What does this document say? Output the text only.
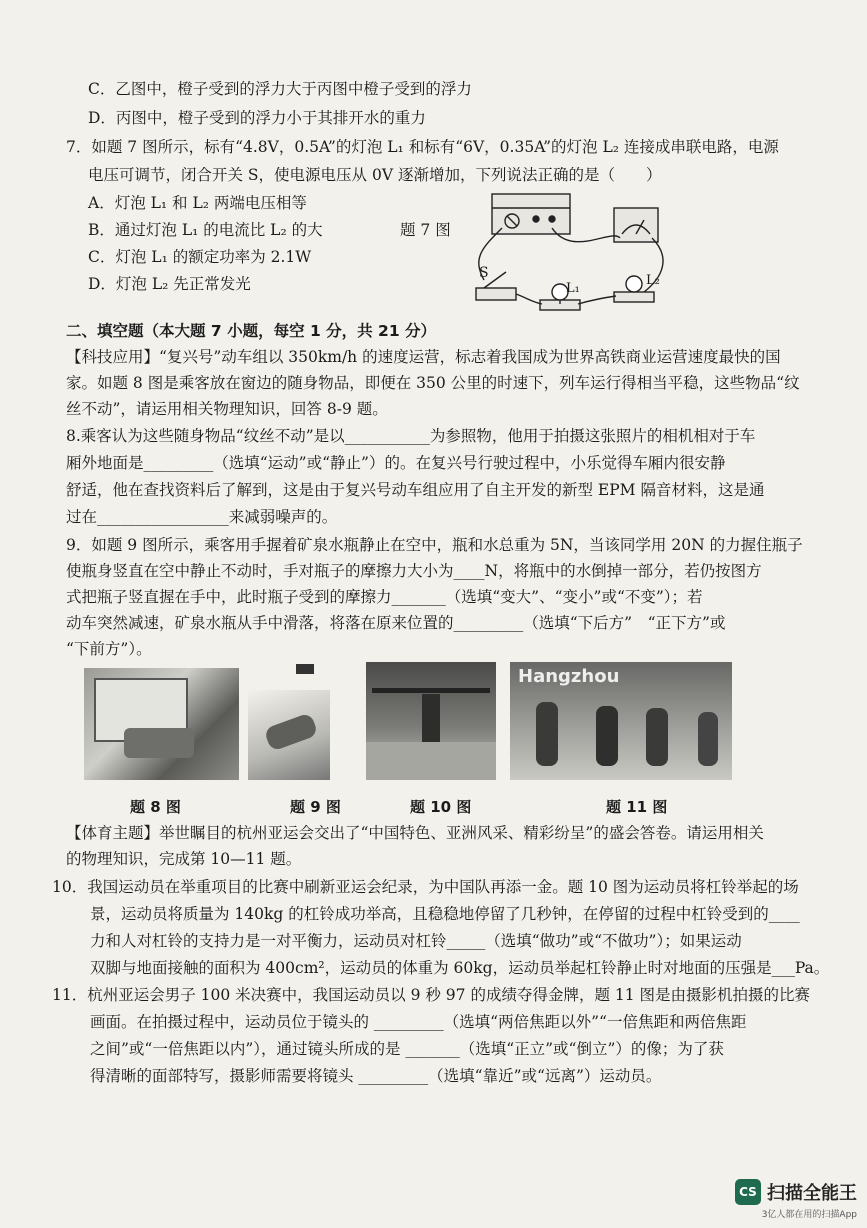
C．乙图中，橙子受到的浮力大于丙图中橙子受到的浮力
D．丙图中，橙子受到的浮力小于其排开水的重力
7．如题 7 图所示，标有“4.8V，0.5A”的灯泡 L₁ 和标有“6V，0.35A”的灯泡 L₂ 连接成串联电路，电源
电压可调节，闭合开关 S，使电源电压从 0V 逐渐增加，下列说法正确的是（　　）
A．灯泡 L₁ 和 L₂ 两端电压相等
B．通过灯泡 L₁ 的电流比 L₂ 的大
C．灯泡 L₁ 的额定功率为 2.1W
D．灯泡 L₂ 先正常发光
题 7 图
S
L₁
L₂
二、填空题（本大题 7 小题，每空 1 分，共 21 分）
【科技应用】“复兴号”动车组以 350km/h 的速度运营，标志着我国成为世界高铁商业运营速度最快的国
家。如题 8 图是乘客放在窗边的随身物品，即便在 350 公里的时速下，列车运行得相当平稳，这些物品“纹
丝不动”，请运用相关物理知识，回答 8-9 题。
8.乘客认为这些随身物品“纹丝不动”是以___________为参照物，他用于拍摄这张照片的相机相对于车
厢外地面是_________（选填“运动”或“静止”）的。在复兴号行驶过程中，小乐觉得车厢内很安静
舒适，他在查找资料后了解到，这是由于复兴号动车组应用了自主开发的新型 EPM 隔音材料，这是通
过在_________________来减弱噪声的。
9．如题 9 图所示，乘客用手握着矿泉水瓶静止在空中，瓶和水总重为 5N，当该同学用 20N 的力握住瓶子
使瓶身竖直在空中静止不动时，手对瓶子的摩擦力大小为____N，将瓶中的水倒掉一部分，若仍按图方
式把瓶子竖直握在手中，此时瓶子受到的摩擦力_______（选填“变大”、“变小”或“不变”）；若
动车突然减速，矿泉水瓶从手中滑落，将落在原来位置的_________（选填“下后方”　“正下方”或
“下前方”）。
Hangzhou
题 8 图	题 9 图	题 10 图	题 11 图
【体育主题】举世瞩目的杭州亚运会交出了“中国特色、亚洲风采、精彩纷呈”的盛会答卷。请运用相关
的物理知识，完成第 10—11 题。
10．我国运动员在举重项目的比赛中刷新亚运会纪录，为中国队再添一金。题 10 图为运动员将杠铃举起的场
景，运动员将质量为 140kg 的杠铃成功举高，且稳稳地停留了几秒钟，在停留的过程中杠铃受到的____
力和人对杠铃的支持力是一对平衡力，运动员对杠铃_____（选填“做功”或“不做功”）；如果运动
双脚与地面接触的面积为 400cm²，运动员的体重为 60kg，运动员举起杠铃静止时对地面的压强是___Pa。
11．杭州亚运会男子 100 米决赛中，我国运动员以 9 秒 97 的成绩夺得金牌，题 11 图是由摄影机拍摄的比赛
画面。在拍摄过程中，运动员位于镜头的 _________（选填“两倍焦距以外”“一倍焦距和两倍焦距
之间”或“一倍焦距以内”），通过镜头所成的是 _______（选填“正立”或“倒立”）的像；为了获
得清晰的面部特写，摄影师需要将镜头 _________（选填“靠近”或“远离”）运动员。
CS 扫描全能王
3亿人都在用的扫描App
